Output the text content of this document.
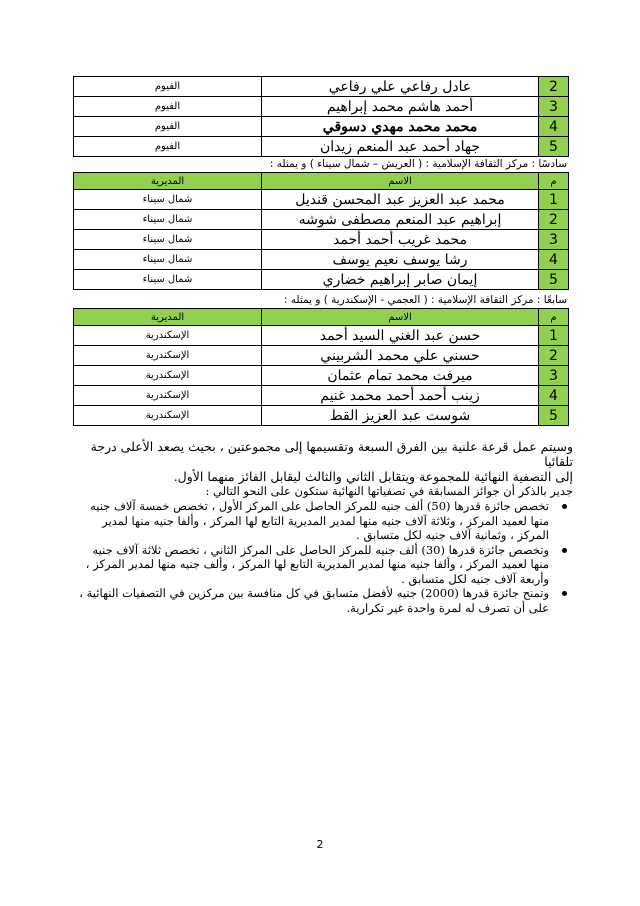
2	عادل رفاعي علي رفاعي	الفيوم
3	أحمد هاشم محمد إبراهيم	الفيوم
4	محمد محمد مهدي دسوقي	الفيوم
5	جهاد أحمد عبد المنعم زيدان	الفيوم
سادسًا : مركز الثقافة الإسلامية : ( العريش – شمال سيناء ) و يمثله :
م	الاسم	المديرية
1	محمد عبد العزيز عبد المحسن قنديل	شمال سيناء
2	إبراهيم عبد المنعم مصطفى شوشه	شمال سيناء
3	محمد غريب أحمد أحمد	شمال سيناء
4	رشا يوسف نعيم يوسف	شمال سيناء
5	إيمان صابر إبراهيم خضاري	شمال سيناء
سابعًا : مركز الثقافة الإسلامية : ( العجمي - الإسكندرية ) و يمثله :
م	الاسم	المديرية
1	حسن عبد الغني السيد أحمد	الإسكندرية
2	حسني علي محمد الشربيني	الإسكندرية
3	ميرفت محمد تمام عثمان	الإسكندرية
4	زينب أحمد أحمد محمد غنيم	الإسكندرية
5	شوست عبد العزيز القط	الإسكندرية

وسيتم عمل قرعة علنية بين الفرق السبعة وتقسيمها إلى مجموعتين ، بحيث يصعد الأعلى درجة تلقائيا

إلى التصفية النهائية للمجموعة ويتقابل الثاني والثالث ليقابل الفائز منهما الأول.

جدير بالذكر أن جوائز المسابقة في تصفياتها النهائية ستكون على النحو التالي :

تخصص جائزة قدرها (50) ألف جنيه للمركز الحاصل على المركز الأول ، تخصص خمسة آلاف جنيه منها لعميد المركز ، وثلاثة آلاف جنيه منها لمدير المديرية التابع لها المركز ، وألفا جنيه منها لمدير المركز ، وثمانية آلاف جنيه لكل متسابق .
وتخصص جائزة قدرها (30) ألف جنيه للمركز الحاصل على المركز الثاني ، تخصص ثلاثة آلاف جنيه منها لعميد المركز ، وألفا جنيه منها لمدير المديرية التابع لها المركز ، وألف جنيه منها لمدير المركز ، وأربعة آلاف جنيه لكل متسابق .
وتمنح جائزة قدرها (2000) جنيه لأفضل متسابق في كل منافسة بين مركزين في التصفيات النهائية ، على أن تصرف له لمرة واحدة غير تكرارية.
2
